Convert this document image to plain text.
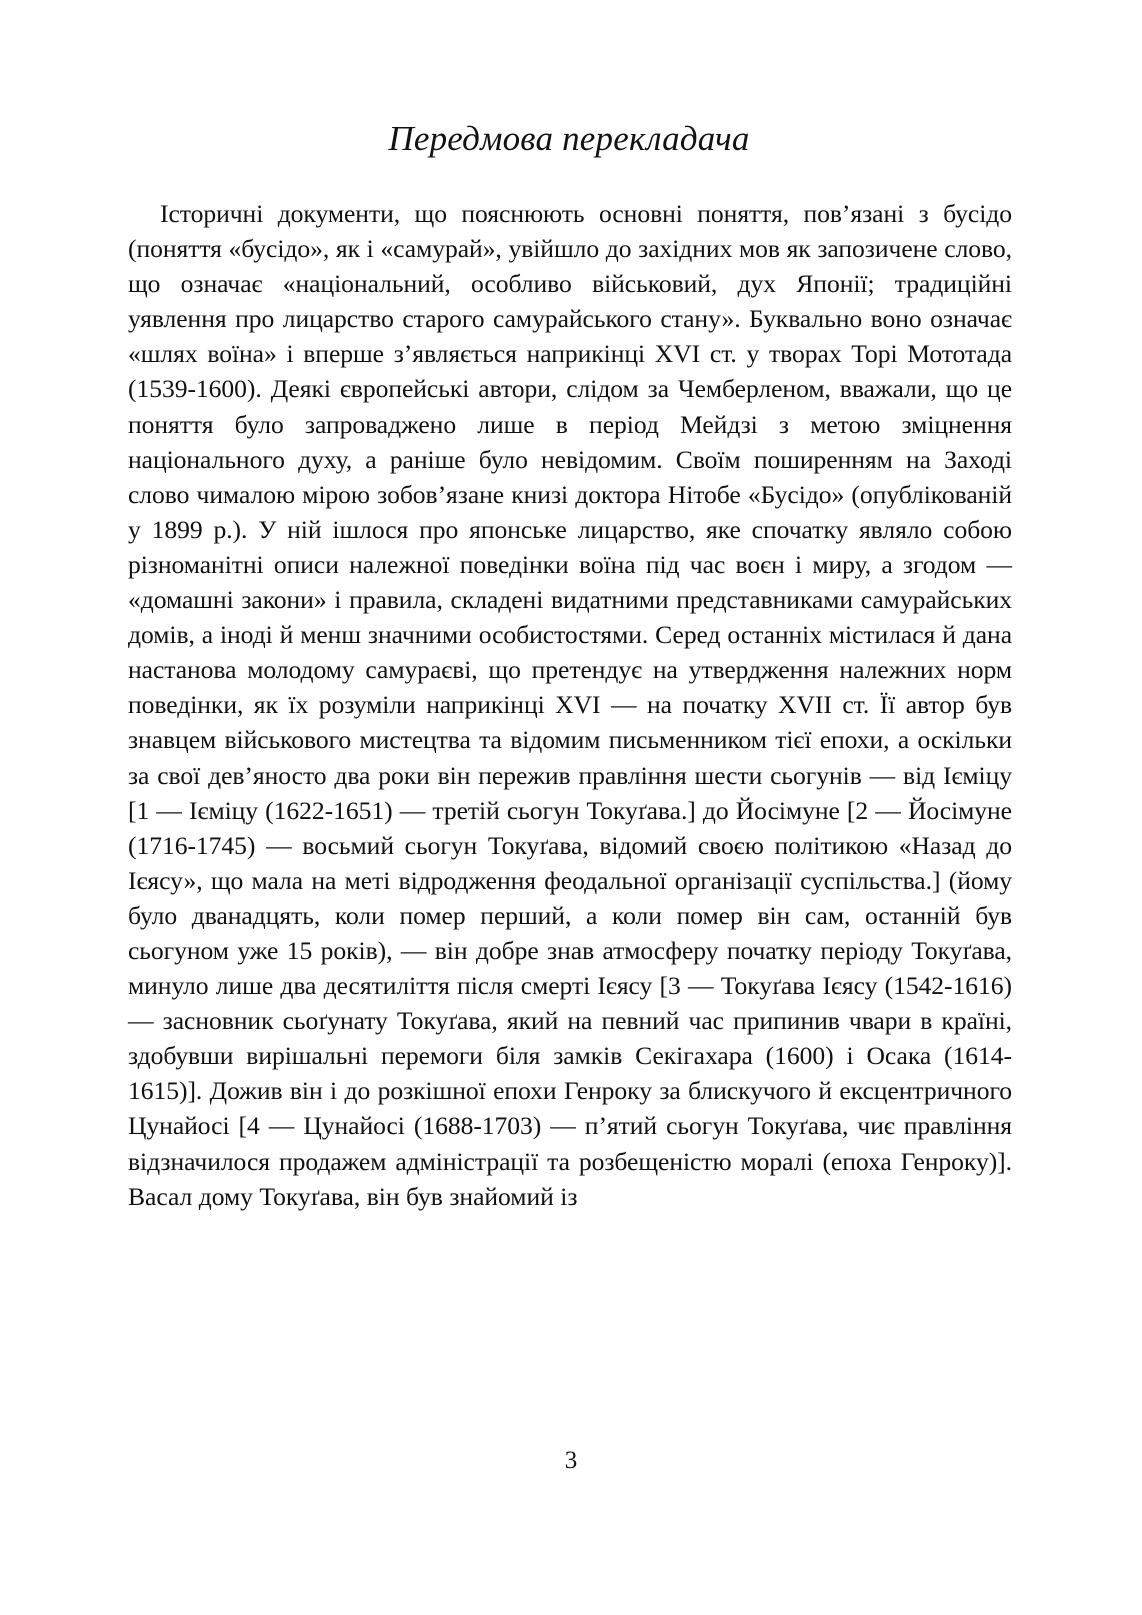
Передмова перекладача

Історичні документи, що пояснюють основні поняття, пов’язані з бусідо (поняття «бусідо», як і «самурай», увійшло до західних мов як запозичене слово, що означає «національний, особливо військовий, дух Японії; традиційні уявлення про лицарство старого самурайського стану». Буквально воно означає «шлях воїна» і вперше з’являється наприкінці XVI ст. у творах Торі Мототада (1539-1600). Деякі європейські автори, слідом за Чемберленом, вважали, що це поняття було запроваджено лише в період Мейдзі з метою зміцнення національного духу, а раніше було невідомим. Своїм поширенням на Заході слово чималою мірою зобов’язане книзі доктора Нітобе «Бусідо» (опублікованій у 1899 р.). У ній ішлося про японське лицарство, яке спочатку являло собою різноманітні описи належної поведінки воїна під час воєн і миру, а згодом — «домашні закони» і правила, складені видатними представниками самурайських домів, а іноді й менш значними особистостями. Серед останніх містилася й дана настанова молодому самураєві, що претендує на утвердження належних норм поведінки, як їх розуміли наприкінці XVI — на початку XVII ст. Її автор був знавцем військового мистецтва та відомим письменником тієї епохи, а оскільки за свої дев’яносто два роки він пережив правління шести сьогунів — від Ієміцу [1 — Ієміцу (1622-1651) — третій сьогун Токуґава.] до Йосімуне [2 — Йосімуне (1716-1745) — восьмий сьогун Токуґава, відомий своєю політикою «Назад до Ієясу», що мала на меті відродження феодальної організації суспільства.] (йому було дванадцять, коли помер перший, а коли помер він сам, останній був сьогуном уже 15 років), — він добре знав атмосферу початку періоду Токуґава, минуло лише два десятиліття після смерті Ієясу [3 — Токуґава Ієясу (1542-1616) — засновник сьоґунату Токуґава, який на певний час припинив чвари в країні, здобувши вирішальні перемоги біля замків Секігахара (1600) і Осака (1614-1615)]. Дожив він і до розкішної епохи Генроку за блискучого й ексцентричного Цунайосі [4 — Цунайосі (1688-1703) — п’ятий сьогун Токуґава, чиє правління відзначилося продажем адміністрації та розбещеністю моралі (епоха Генроку)]. Васал дому Токуґава, він був знайомий із

3
